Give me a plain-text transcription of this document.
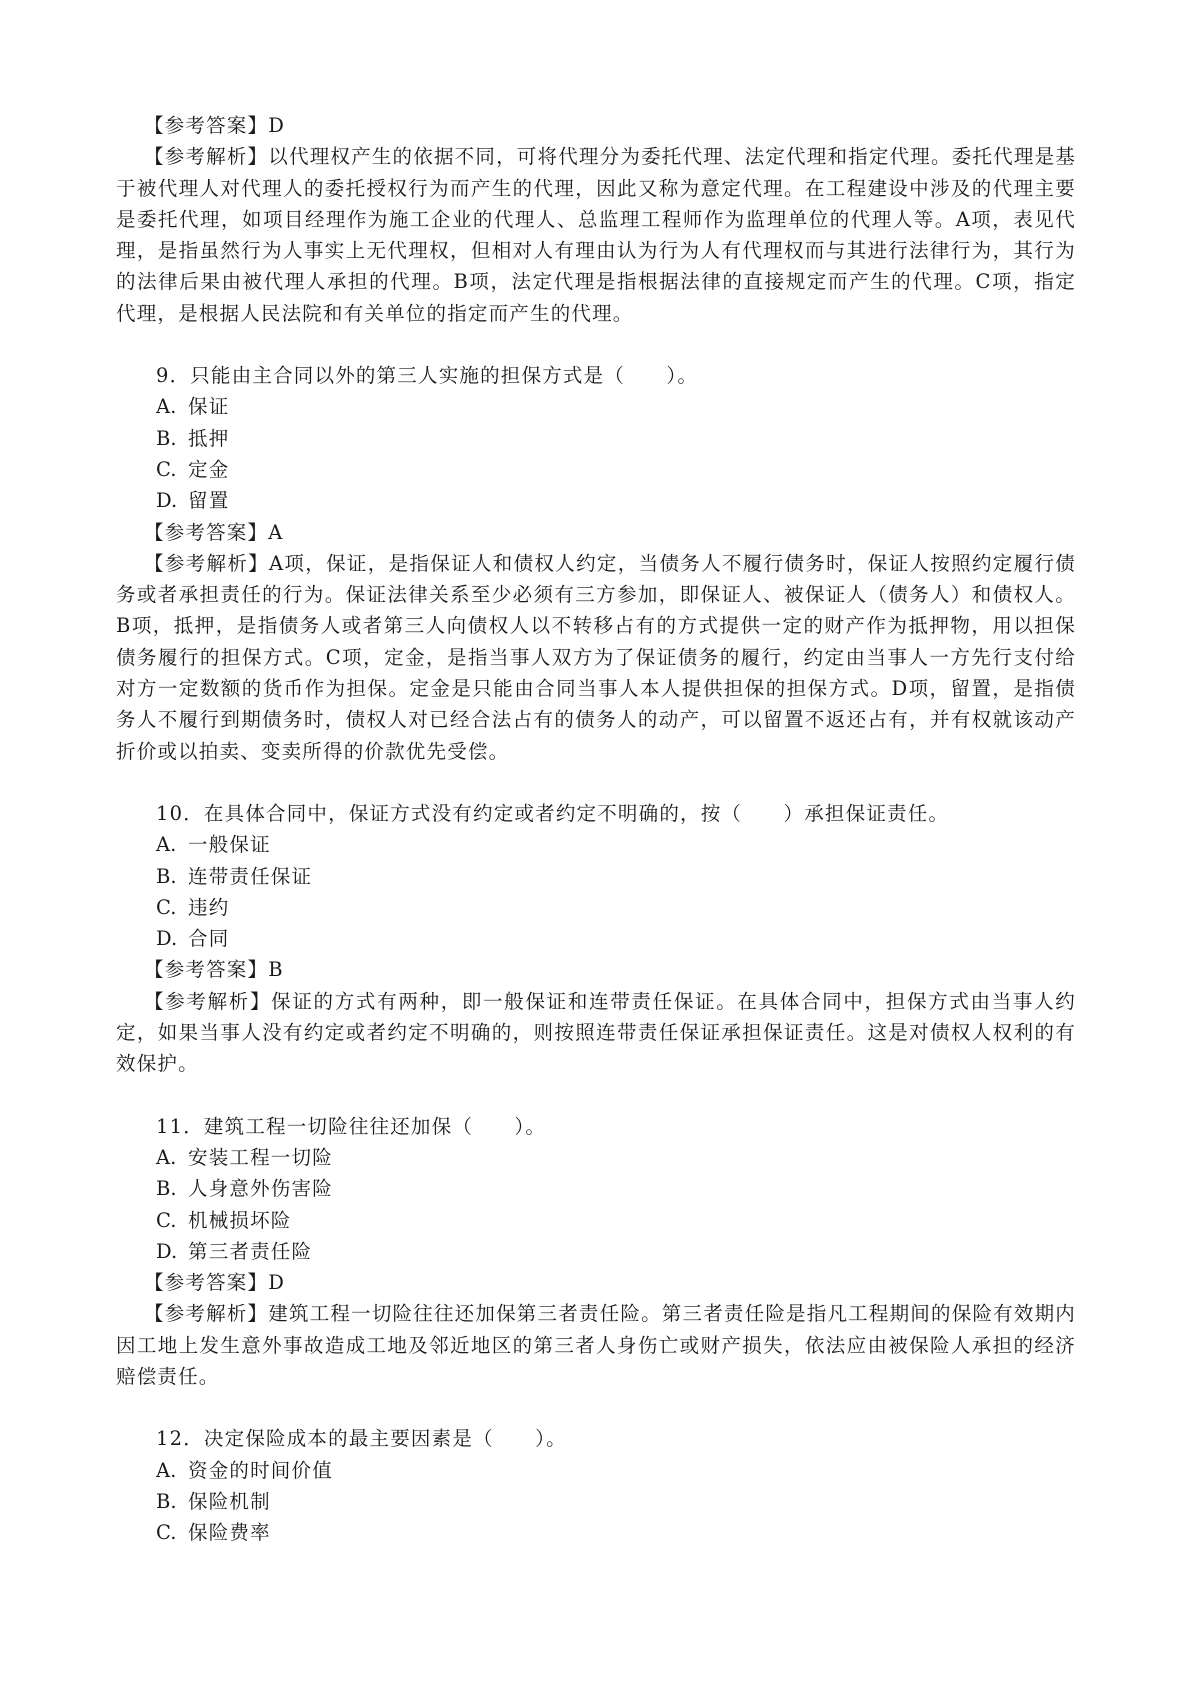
【参考答案】D

【参考解析】以代理权产生的依据不同，可将代理分为委托代理、法定代理和指定代理。委托代理是基于被代理人对代理人的委托授权行为而产生的代理，因此又称为意定代理。在工程建设中涉及的代理主要是委托代理，如项目经理作为施工企业的代理人、总监理工程师作为监理单位的代理人等。A项，表见代理，是指虽然行为人事实上无代理权，但相对人有理由认为行为人有代理权而与其进行法律行为，其行为的法律后果由被代理人承担的代理。B项，法定代理是指根据法律的直接规定而产生的代理。C项，指定代理，是根据人民法院和有关单位的指定而产生的代理。

9．只能由主合同以外的第三人实施的担保方式是（　　）。

A. 保证

B. 抵押

C. 定金

D. 留置

【参考答案】A

【参考解析】A项，保证，是指保证人和债权人约定，当债务人不履行债务时，保证人按照约定履行债务或者承担责任的行为。保证法律关系至少必须有三方参加，即保证人、被保证人（债务人）和债权人。B项，抵押，是指债务人或者第三人向债权人以不转移占有的方式提供一定的财产作为抵押物，用以担保债务履行的担保方式。C项，定金，是指当事人双方为了保证债务的履行，约定由当事人一方先行支付给对方一定数额的货币作为担保。定金是只能由合同当事人本人提供担保的担保方式。D项，留置，是指债务人不履行到期债务时，债权人对已经合法占有的债务人的动产，可以留置不返还占有，并有权就该动产折价或以拍卖、变卖所得的价款优先受偿。

10．在具体合同中，保证方式没有约定或者约定不明确的，按（　　）承担保证责任。

A. 一般保证

B. 连带责任保证

C. 违约

D. 合同

【参考答案】B

【参考解析】保证的方式有两种，即一般保证和连带责任保证。在具体合同中，担保方式由当事人约定，如果当事人没有约定或者约定不明确的，则按照连带责任保证承担保证责任。这是对债权人权利的有效保护。

11．建筑工程一切险往往还加保（　　）。

A. 安装工程一切险

B. 人身意外伤害险

C. 机械损坏险

D. 第三者责任险

【参考答案】D

【参考解析】建筑工程一切险往往还加保第三者责任险。第三者责任险是指凡工程期间的保险有效期内因工地上发生意外事故造成工地及邻近地区的第三者人身伤亡或财产损失，依法应由被保险人承担的经济赔偿责任。

12．决定保险成本的最主要因素是（　　）。

A. 资金的时间价值

B. 保险机制

C. 保险费率
